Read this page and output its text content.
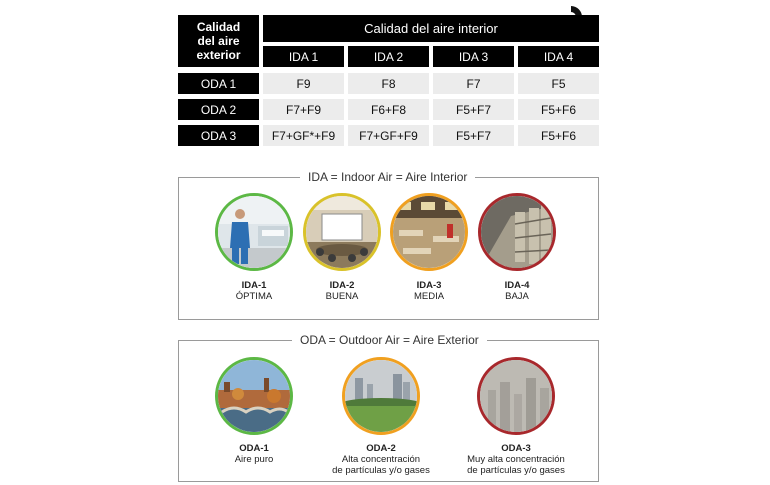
Calidad
del aire
exterior
Calidad del aire interior
IDA 1	IDA 2	IDA 3	IDA 4
ODA 1	F9	F8	F7	F5
ODA 2	F7+F9	F6+F8	F5+F7	F5+F6
ODA 3	F7+GF*+F9	F7+GF+F9	F5+F7	F5+F6
IDA = Indoor Air = Aire Interior
IDA-1
ÓPTIMA
IDA-2
BUENA
IDA-3
MEDIA
IDA-4
BAJA
ODA = Outdoor Air = Aire Exterior
ODA-1
Aire puro
ODA-2
Alta concentración
de partículas y/o gases
ODA-3
Muy alta concentración
de partículas y/o gases
